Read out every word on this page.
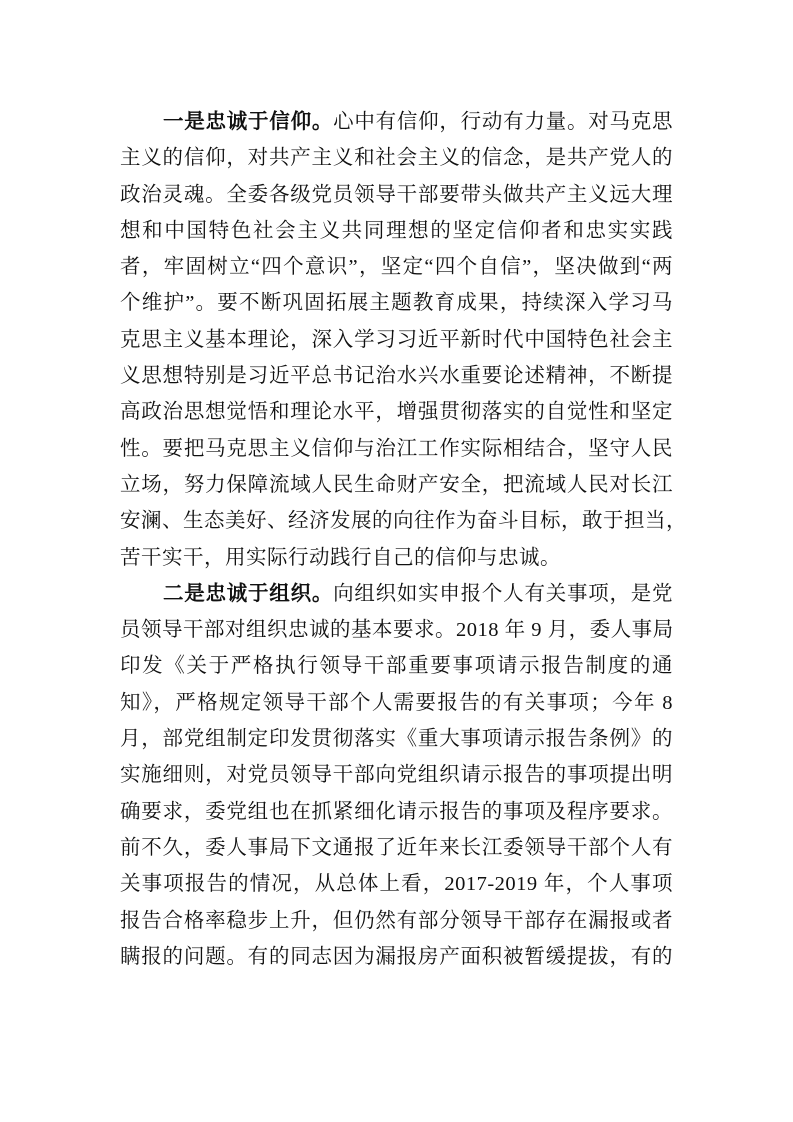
一是忠诚于信仰。心中有信仰，行动有力量。对马克思
主义的信仰，对共产主义和社会主义的信念，是共产党人的
政治灵魂。全委各级党员领导干部要带头做共产主义远大理
想和中国特色社会主义共同理想的坚定信仰者和忠实实践
者，牢固树立“四个意识”，坚定“四个自信”，坚决做到“两
个维护”。要不断巩固拓展主题教育成果，持续深入学习马
克思主义基本理论，深入学习习近平新时代中国特色社会主
义思想特别是习近平总书记治水兴水重要论述精神，不断提
高政治思想觉悟和理论水平，增强贯彻落实的自觉性和坚定
性。要把马克思主义信仰与治江工作实际相结合，坚守人民
立场，努力保障流域人民生命财产安全，把流域人民对长江
安澜、生态美好、经济发展的向往作为奋斗目标，敢于担当，
苦干实干，用实际行动践行自己的信仰与忠诚。
二是忠诚于组织。向组织如实申报个人有关事项，是党
员领导干部对组织忠诚的基本要求。2018 年 9 月，委人事局
印发《关于严格执行领导干部重要事项请示报告制度的通
知》，严格规定领导干部个人需要报告的有关事项；今年 8
月，部党组制定印发贯彻落实《重大事项请示报告条例》的
实施细则，对党员领导干部向党组织请示报告的事项提出明
确要求，委党组也在抓紧细化请示报告的事项及程序要求。
前不久，委人事局下文通报了近年来长江委领导干部个人有
关事项报告的情况，从总体上看，2017-2019 年，个人事项
报告合格率稳步上升，但仍然有部分领导干部存在漏报或者
瞒报的问题。有的同志因为漏报房产面积被暂缓提拔，有的
